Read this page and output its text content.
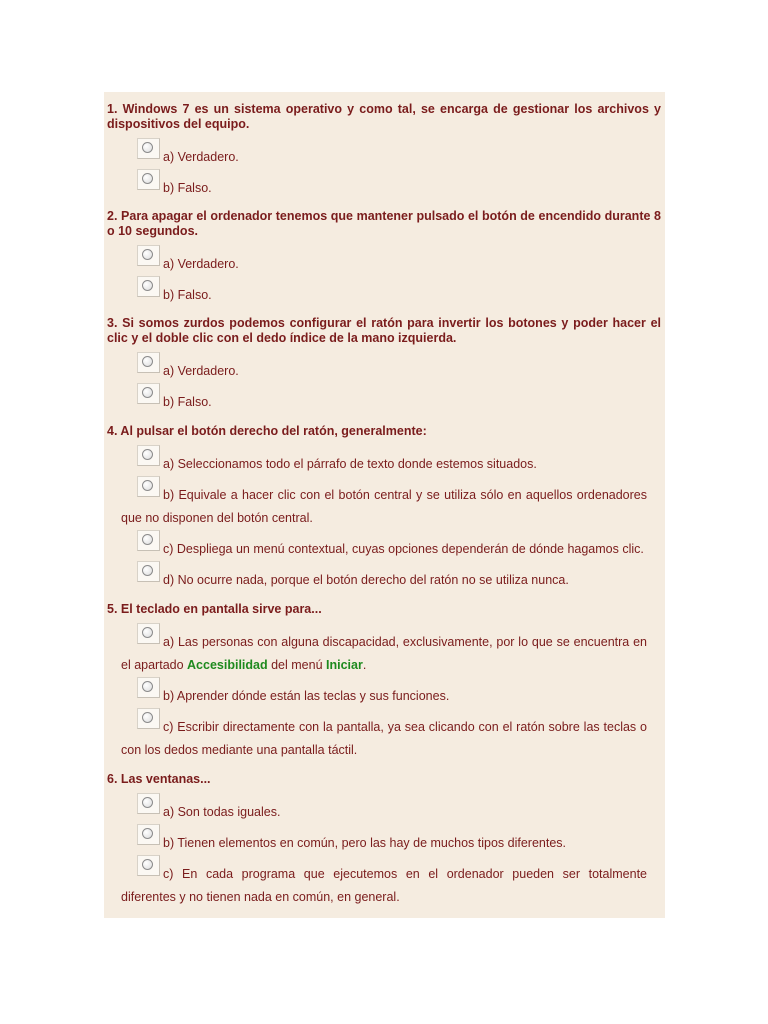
1. Windows 7 es un sistema operativo y como tal, se encarga de gestionar los archivos y dispositivos del equipo.

a) Verdadero.
b) Falso.

2. Para apagar el ordenador tenemos que mantener pulsado el botón de encendido durante 8 o 10 segundos.

a) Verdadero.
b) Falso.

3. Si somos zurdos podemos configurar el ratón para invertir los botones y poder hacer el clic y el doble clic con el dedo índice de la mano izquierda.

a) Verdadero.
b) Falso.

4. Al pulsar el botón derecho del ratón, generalmente:

a) Seleccionamos todo el párrafo de texto donde estemos situados.
b) Equivale a hacer clic con el botón central y se utiliza sólo en aquellos ordenadores que no disponen del botón central.
c) Despliega un menú contextual, cuyas opciones dependerán de dónde hagamos clic.
d) No ocurre nada, porque el botón derecho del ratón no se utiliza nunca.

5. El teclado en pantalla sirve para...

a) Las personas con alguna discapacidad, exclusivamente, por lo que se encuentra en el apartado Accesibilidad del menú Iniciar.
b) Aprender dónde están las teclas y sus funciones.
c) Escribir directamente con la pantalla, ya sea clicando con el ratón sobre las teclas o con los dedos mediante una pantalla táctil.

6. Las ventanas...

a) Son todas iguales.
b) Tienen elementos en común, pero las hay de muchos tipos diferentes.
c) En cada programa que ejecutemos en el ordenador pueden ser totalmente diferentes y no tienen nada en común, en general.
